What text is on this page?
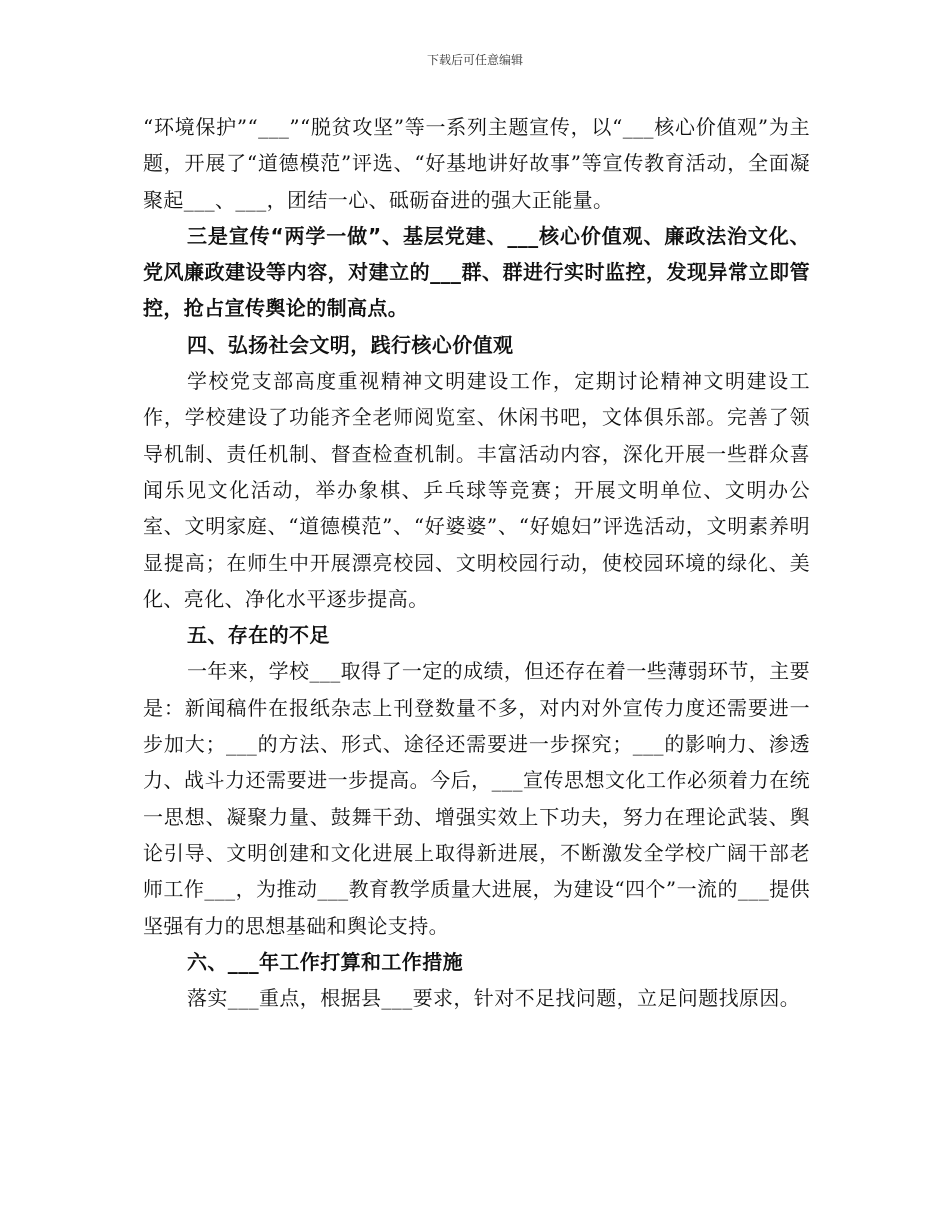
下载后可任意编辑

“环境保护”“___”“脱贫攻坚”等一系列主题宣传，以“___核心价值观”为主题，开展了“道德模范”评选、“好基地讲好故事”等宣传教育活动，全面凝聚起___、___，团结一心、砥砺奋进的强大正能量。

三是宣传“两学一做”、基层党建、___核心价值观、廉政法治文化、党风廉政建设等内容，对建立的___群、群进行实时监控，发现异常立即管控，抢占宣传舆论的制高点。

四、弘扬社会文明，践行核心价值观

学校党支部高度重视精神文明建设工作，定期讨论精神文明建设工作，学校建设了功能齐全老师阅览室、休闲书吧，文体俱乐部。完善了领导机制、责任机制、督查检查机制。丰富活动内容，深化开展一些群众喜闻乐见文化活动，举办象棋、乒乓球等竞赛；开展文明单位、文明办公室、文明家庭、“道德模范”、“好婆婆”、“好媳妇”评选活动，文明素养明显提高；在师生中开展漂亮校园、文明校园行动，使校园环境的绿化、美化、亮化、净化水平逐步提高。

五、存在的不足

一年来，学校___取得了一定的成绩，但还存在着一些薄弱环节，主要是：新闻稿件在报纸杂志上刊登数量不多，对内对外宣传力度还需要进一步加大；___的方法、形式、途径还需要进一步探究；___的影响力、渗透力、战斗力还需要进一步提高。今后，___宣传思想文化工作必须着力在统一思想、凝聚力量、鼓舞干劲、增强实效上下功夫，努力在理论武装、舆论引导、文明创建和文化进展上取得新进展，不断激发全学校广阔干部老师工作___，为推动___教育教学质量大进展，为建设“四个”一流的___提供坚强有力的思想基础和舆论支持。

六、___年工作打算和工作措施

落实___重点，根据县___要求，针对不足找问题，立足问题找原因。
